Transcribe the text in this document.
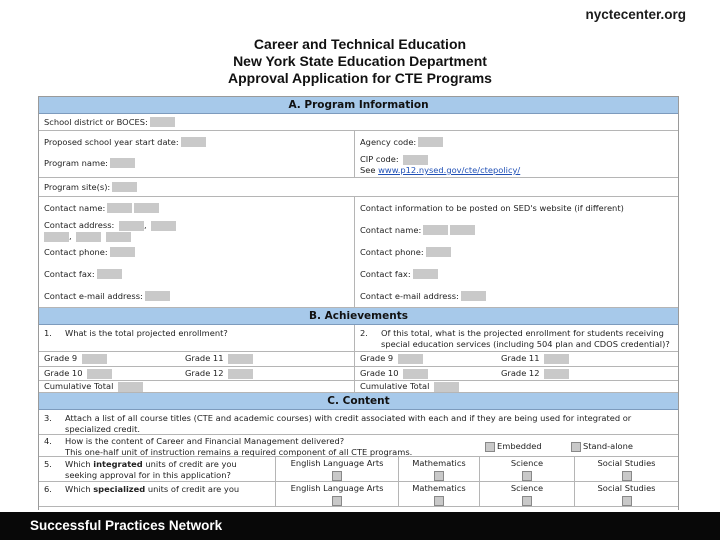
nyctecenter.org
Career and Technical Education
New York State Education Department
Approval Application for CTE Programs
A. Program Information
School district or BOCES:
Proposed school year start date:
Program name:
Agency code:
CIP code:
See www.p12.nysed.gov/cte/ctepolicy/
Program site(s):
Contact name:
Contact address:	,
,
Contact phone:
Contact fax:
Contact e-mail address:
Contact information to be posted on SED's website (if different)
Contact name:
Contact phone:
Contact fax:
Contact e-mail address:
B. Achievements
1. What is the total projected enrollment?	2.	Of this total, what is the projected enrollment for students receiving special education services (including 504 plan and CDOS credential)?
Grade 9	Grade 11	Grade 9	Grade 11
Grade 10	Grade 12	Grade 10	Grade 12
Cumulative Total	Cumulative Total
C. Content
3.	Attach a list of all course titles (CTE and academic courses) with credit associated with each and if they are being used for integrated or specialized credit.
4.	How is the content of Career and Financial Management delivered?
This one-half unit of instruction remains a required component of all CTE programs.
Embedded	Stand-alone
5.	Which integrated units of credit are you
seeking approval for in this application?
English Language Arts	Mathematics	Science	Social Studies
6.	Which specialized units of credit are you	English Language Arts	Mathematics	Science	Social Studies
Successful Practices Network
